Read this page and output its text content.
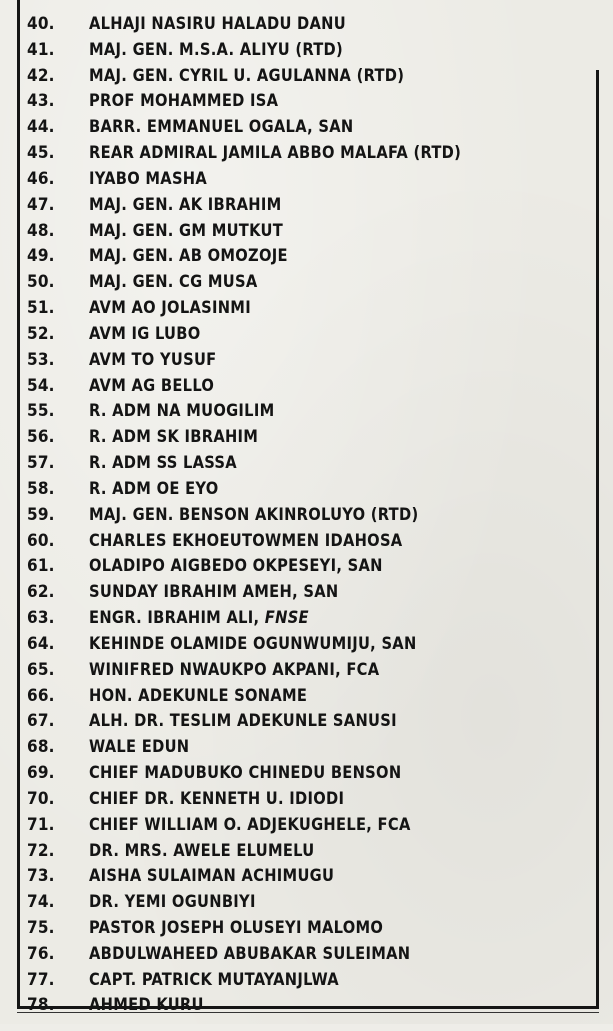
40. ALHAJI NASIRU HALADU DANU
41. MAJ. GEN. M.S.A. ALIYU (RTD)
42. MAJ. GEN. CYRIL U. AGULANNA (RTD)
43. PROF MOHAMMED ISA
44. BARR. EMMANUEL OGALA, SAN
45. REAR ADMIRAL JAMILA ABBO MALAFA (RTD)
46. IYABO MASHA
47. MAJ. GEN. AK IBRAHIM
48. MAJ. GEN. GM MUTKUT
49. MAJ. GEN. AB OMOZOJE
50. MAJ. GEN. CG MUSA
51. AVM AO JOLASINMI
52. AVM IG LUBO
53. AVM TO YUSUF
54. AVM AG BELLO
55. R. ADM NA MUOGILIM
56. R. ADM SK IBRAHIM
57. R. ADM SS LASSA
58. R. ADM OE EYO
59. MAJ. GEN. BENSON AKINROLUYO (RTD)
60. CHARLES EKHOEUTOWMEN IDAHOSA
61. OLADIPO AIGBEDO OKPESEYI, SAN
62. SUNDAY IBRAHIM AMEH, SAN
63. ENGR. IBRAHIM ALI, FNSE
64. KEHINDE OLAMIDE OGUNWUMIJU, SAN
65. WINIFRED NWAUKPO AKPANI, FCA
66. HON. ADEKUNLE SONAME
67. ALH. DR. TESLIM ADEKUNLE SANUSI
68. WALE EDUN
69. CHIEF MADUBUKO CHINEDU BENSON
70. CHIEF DR. KENNETH U. IDIODI
71. CHIEF WILLIAM O. ADJEKUGHELE, FCA
72. DR. MRS. AWELE ELUMELU
73. AISHA SULAIMAN ACHIMUGU
74. DR. YEMI OGUNBIYI
75. PASTOR JOSEPH OLUSEYI MALOMO
76. ABDULWAHEED ABUBAKAR SULEIMAN
77. CAPT. PATRICK MUTAYANJLWA
78. AHMED KURU
